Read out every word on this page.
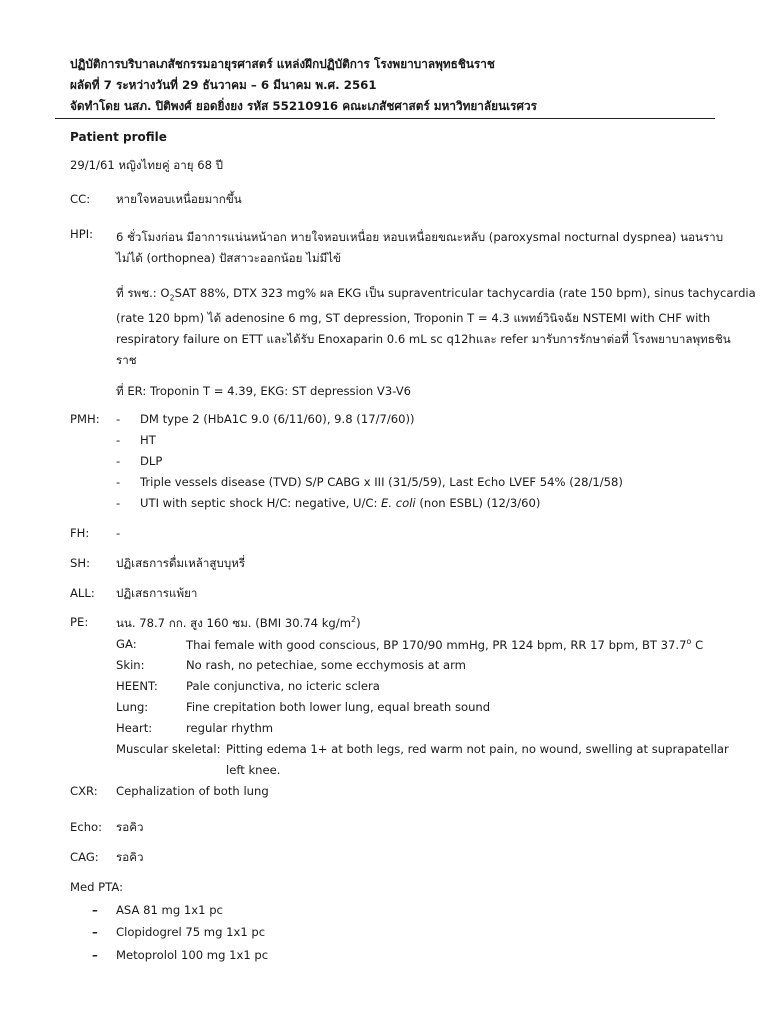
ปฏิบัติการบริบาลเภสัชกรรมอายุรศาสตร์ แหล่งฝึกปฏิบัติการ โรงพยาบาลพุทธชินราช
ผลัดที่ 7 ระหว่างวันที่ 29 ธันวาคม – 6 มีนาคม พ.ศ. 2561
จัดทำโดย นสภ. ปิติพงศ์ ยอดยิ่งยง รหัส 55210916 คณะเภสัชศาสตร์ มหาวิทยาลัยนเรศวร
Patient profile
29/1/61 หญิงไทยคู่ อายุ 68 ปี
CC: หายใจหอบเหนื่อยมากขึ้น
HPI: 6 ชั่วโมงก่อน มีอาการแน่นหน้าอก หายใจหอบเหนื่อย หอบเหนื่อยขณะหลับ (paroxysmal nocturnal dyspnea) นอนราบ
ไม่ได้ (orthopnea) ปัสสาวะออกน้อย ไม่มีไข้
ที่ รพช.: $O_2SAT$ 88%, DTX 323 mg% ผล EKG เป็น supraventricular tachycardia (rate 150 bpm), sinus tachycardia
(rate 120 bpm) ได้ adenosine 6 mg, ST depression, Troponin T = 4.3 แพทย์วินิจฉัย NSTEMI with CHF with
respiratory failure on ETT และได้รับ Enoxaparin 0.6 mL sc q12hและ refer มารับการรักษาต่อที่ โรงพยาบาลพุทธชิน
ราช
ที่ ER: Troponin T = 4.39, EKG: ST depression V3-V6
PMH: - DM type 2 (HbA1C 9.0 (6/11/60), 9.8 (17/7/60))
- HT
- DLP
- Triple vessels disease (TVD) S/P CABG x III (31/5/59), Last Echo LVEF 54% (28/1/58)
- UTI with septic shock H/C: negative, U/C: E. coli (non ESBL) (12/3/60)
FH: -
SH: ปฏิเสธการดื่มเหล้าสูบบุหรี่
ALL: ปฏิเสธการแพ้ยา
PE: นน. 78.7 กก. สูง 160 ซม. (BMI 30.74 $kg/m^2$)
GA:	Thai female with good conscious, BP 170/90 mmHg, PR 124 bpm, RR 17 bpm, BT 37.7$^o$ C
Skin:	No rash, no petechiae, some ecchymosis at arm
HEENT: Pale conjunctiva, no icteric sclera
Lung:	Fine crepitation both lower lung, equal breath sound
Heart:	regular rhythm
Muscular skeletal: Pitting edema 1+ at both legs, red warm not pain, no wound, swelling at suprapatellar
left knee.
CXR: Cephalization of both lung
Echo: รอคิว
CAG: รอคิว
Med PTA:
– ASA 81 mg 1x1 pc
– Clopidogrel 75 mg 1x1 pc
– Metoprolol 100 mg 1x1 pc
